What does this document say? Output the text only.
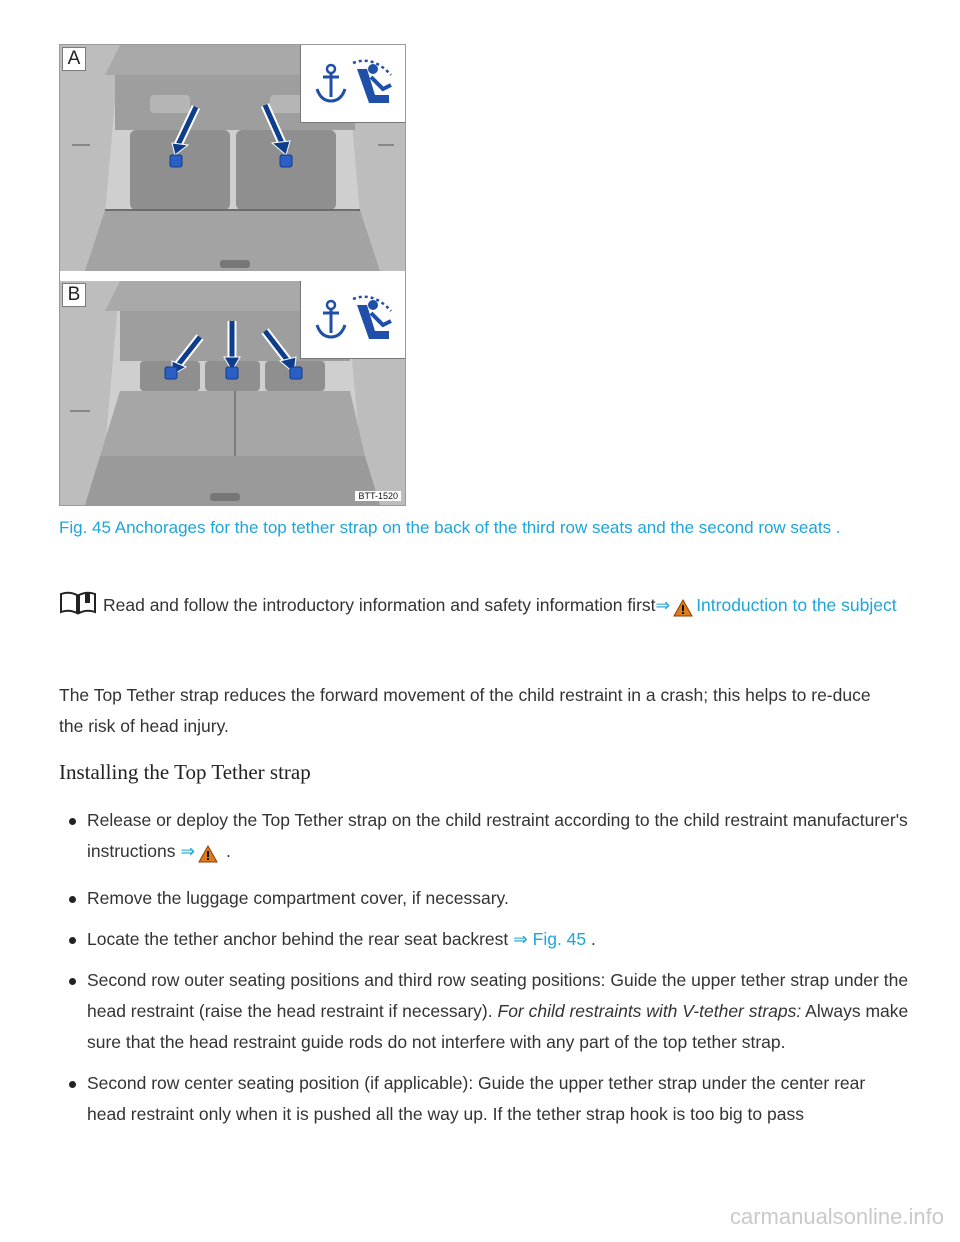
A
B
BTT-1520
Fig. 45 Anchorages for the top tether strap on the back of the third row seats and the second row seats .
Read and follow the introductory information and safety information first⇒ Introduction to the subject
The Top Tether strap reduces the forward movement of the child restraint in a crash; this helps to re-duce the risk of head injury.
Installing the Top Tether strap
Release or deploy the Top Tether strap on the child restraint according to the child restraint manufacturer's instructions ⇒ .
Remove the luggage compartment cover, if necessary.
Locate the tether anchor behind the rear seat backrest ⇒ Fig. 45 .
Second row outer seating positions and third row seating positions: Guide the upper tether strap under the head restraint (raise the head restraint if necessary). For child restraints with V-tether straps: Always make sure that the head restraint guide rods do not interfere with any part of the top tether strap.
Second row center seating position (if applicable): Guide the upper tether strap under the center rear head restraint only when it is pushed all the way up. If the tether strap hook is too big to pass
carmanualsonline.info
